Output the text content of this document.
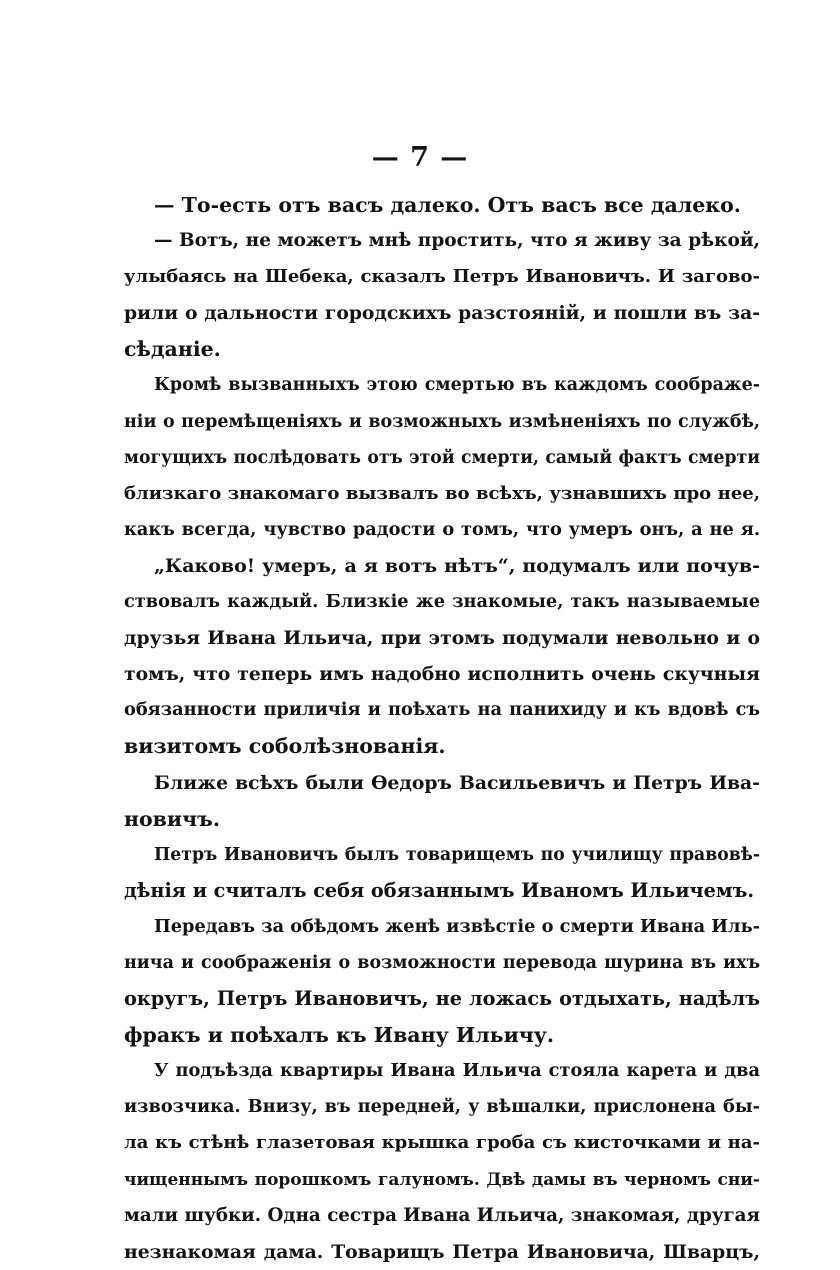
— 7 —
— То-есть отъ васъ далеко. Отъ васъ все далеко.
— Вотъ, не можетъ мнѣ простить, что я живу за рѣкой,
улыбаясь на Шебека, сказалъ Петръ Ивановичъ. И загово-
рили о дальности городскихъ разстояній, и пошли въ за-
сѣданіе.
Кромѣ вызванныхъ этою смертью въ каждомъ соображе-
ніи о перемѣщеніяхъ и возможныхъ измѣненіяхъ по службѣ,
могущихъ послѣдовать отъ этой смерти, самый фактъ смерти
близкаго знакомаго вызвалъ во всѣхъ, узнавшихъ про нее,
какъ всегда, чувство радости о томъ, что умеръ онъ, а не я.
„Каково! умеръ, а я вотъ нѣтъ“, подумалъ или почув-
ствовалъ каждый. Близкіе же знакомые, такъ называемые
друзья Ивана Ильича, при этомъ подумали невольно и о
томъ, что теперь имъ надобно исполнить очень скучныя
обязанности приличія и поѣхать на панихиду и къ вдовѣ съ
визитомъ соболѣзнованія.
Ближе всѣхъ были Ѳедоръ Васильевичъ и Петръ Ива-
новичъ.
Петръ Ивановичъ былъ товарищемъ по училищу правовѣ-
дѣнія и считалъ себя обязаннымъ Иваномъ Ильичемъ.
Передавъ за обѣдомъ женѣ извѣстіе о смерти Ивана Иль-
нича и соображенія о возможности перевода шурина въ ихъ
округъ, Петръ Ивановичъ, не ложась отдыхать, надѣлъ
фракъ и поѣхалъ къ Ивану Ильичу.
У подъѣзда квартиры Ивана Ильича стояла карета и два
извозчика. Внизу, въ передней, у вѣшалки, прислонена бы-
ла къ стѣнѣ глазетовая крышка гроба съ кисточками и на-
чищеннымъ порошкомъ галуномъ. Двѣ дамы въ черномъ сни-
мали шубки. Одна сестра Ивана Ильича, знакомая, другая
незнакомая дама. Товарищъ Петра Ивановича, Шварцъ,
